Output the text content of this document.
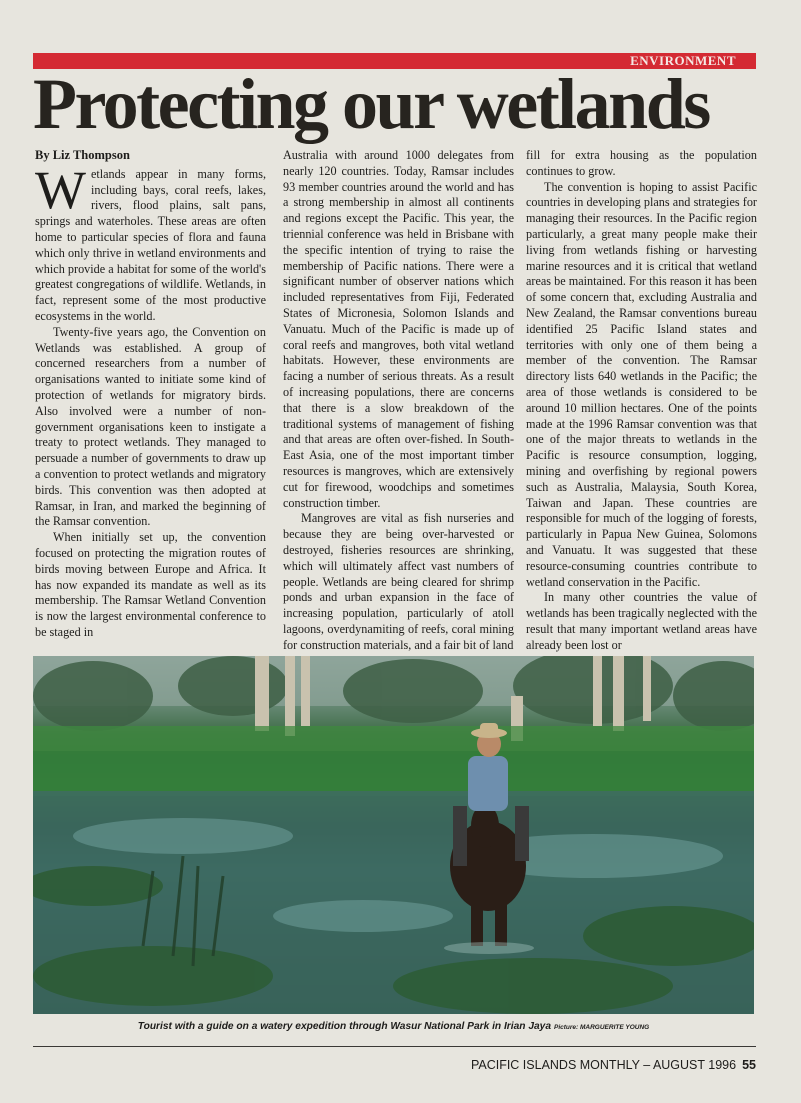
ENVIRONMENT
Protecting our wetlands
By Liz Thompson

Wetlands appear in many forms, including bays, coral reefs, lakes, rivers, flood plains, salt pans, springs and waterholes. These areas are often home to particular species of flora and fauna which only thrive in wetland environments and which provide a habitat for some of the world's greatest congregations of wildlife. Wetlands, in fact, represent some of the most productive ecosystems in the world.

Twenty-five years ago, the Convention on Wetlands was established. A group of concerned researchers from a number of organisations wanted to initiate some kind of protection of wetlands for migratory birds. Also involved were a number of non-government organisations keen to instigate a treaty to protect wetlands. They managed to persuade a number of governments to draw up a convention to protect wetlands and migratory birds. This convention was then adopted at Ramsar, in Iran, and marked the beginning of the Ramsar convention.

When initially set up, the convention focused on protecting the migration routes of birds moving between Europe and Africa. It has now expanded its mandate as well as its membership. The Ramsar Wetland Convention is now the largest environmental conference to be staged in

Australia with around 1000 delegates from nearly 120 countries. Today, Ramsar includes 93 member countries around the world and has a strong membership in almost all continents and regions except the Pacific. This year, the triennial conference was held in Brisbane with the specific intention of trying to raise the membership of Pacific nations. There were a significant number of observer nations which included representatives from Fiji, Federated States of Micronesia, Solomon Islands and Vanuatu. Much of the Pacific is made up of coral reefs and mangroves, both vital wetland habitats. However, these environments are facing a number of serious threats. As a result of increasing populations, there are concerns that there is a slow breakdown of the traditional systems of management of fishing and that areas are often over-fished. In South-East Asia, one of the most important timber resources is mangroves, which are extensively cut for firewood, woodchips and sometimes construction timber.

Mangroves are vital as fish nurseries and because they are being over-harvested or destroyed, fisheries resources are shrinking, which will ultimately affect vast numbers of people. Wetlands are being cleared for shrimp ponds and urban expansion in the face of increasing population, particularly of atoll lagoons, overdynamiting of reefs, coral mining for construction materials, and a fair bit of land

fill for extra housing as the population continues to grow.

The convention is hoping to assist Pacific countries in developing plans and strategies for managing their resources. In the Pacific region particularly, a great many people make their living from wetlands fishing or harvesting marine resources and it is critical that wetland areas be maintained. For this reason it has been of some concern that, excluding Australia and New Zealand, the Ramsar conventions bureau identified 25 Pacific Island states and territories with only one of them being a member of the convention. The Ramsar directory lists 640 wetlands in the Pacific; the area of those wetlands is considered to be around 10 million hectares. One of the points made at the 1996 Ramsar convention was that one of the major threats to wetlands in the Pacific is resource consumption, logging, mining and overfishing by regional powers such as Australia, Malaysia, South Korea, Taiwan and Japan. These countries are responsible for much of the logging of forests, particularly in Papua New Guinea, Solomons and Vanuatu. It was suggested that these resource-consuming countries contribute to wetland conservation in the Pacific.

In many other countries the value of wetlands has been tragically neglected with the result that many important wetland areas have already been lost or

Tourist with a guide on a watery expedition through Wasur National Park in Irian Jaya Picture: MARGUERITE YOUNG
PACIFIC ISLANDS MONTHLY – AUGUST 1996 55
